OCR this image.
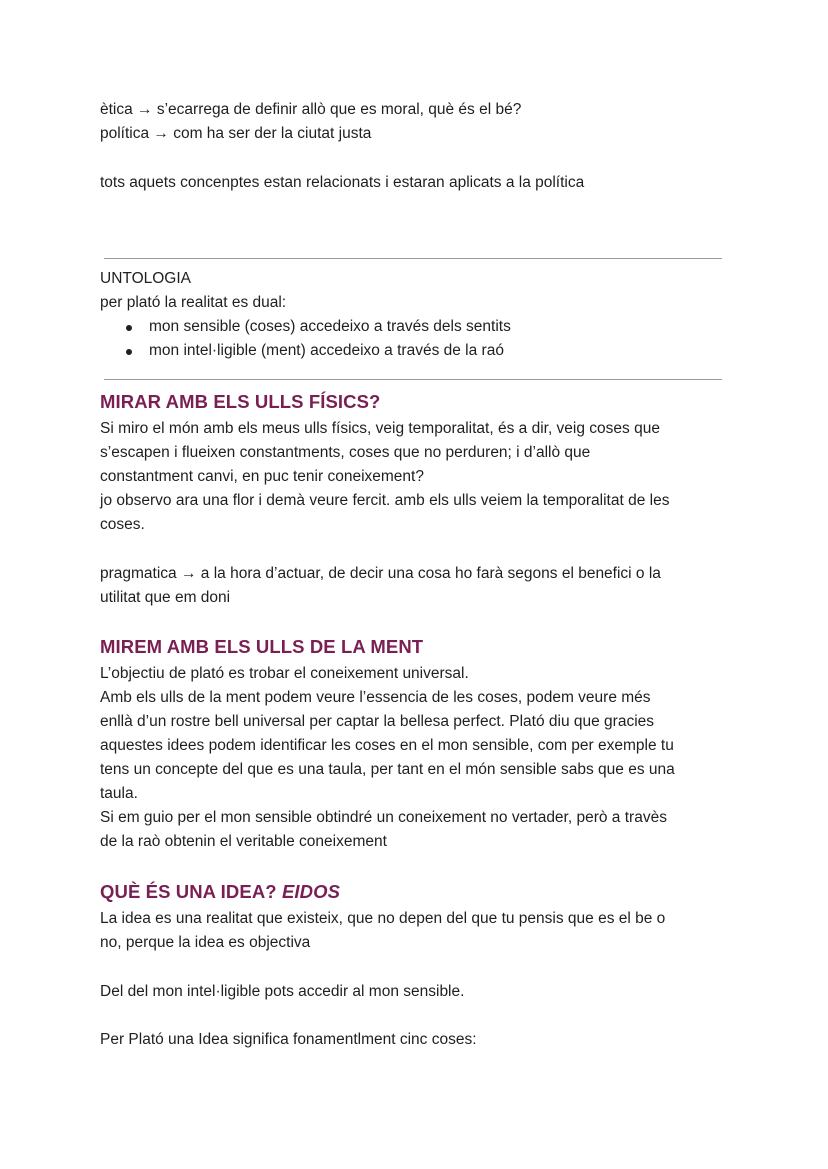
ètica → s’ecarrega de definir allò que es moral, què és el bé?
política → com ha ser der la ciutat justa
tots aquets concenptes estan relacionats i estaran aplicats a la política
UNTOLOGIA
per plató la realitat es dual:
mon sensible (coses) accedeixo a través dels sentits
mon intel·ligible (ment) accedeixo a través de la raó
MIRAR AMB ELS ULLS FÍSICS?
Si miro el món amb els meus ulls físics, veig temporalitat, és a dir, veig coses que
s’escapen i flueixen constantments, coses que no perduren; i d’allò que
constantment canvi, en puc tenir coneixement?
jo observo ara una flor i demà veure fercit. amb els ulls veiem la temporalitat de les
coses.
pragmatica → a la hora d’actuar, de decir una cosa ho farà segons el benefici o la
utilitat que em doni
MIREM AMB ELS ULLS DE LA MENT
L’objectiu de plató es trobar el coneixement universal.
Amb els ulls de la ment podem veure l’essencia de les coses, podem veure més
enllà d’un rostre bell universal per captar la bellesa perfect. Plató diu que gracies
aquestes idees podem identificar les coses en el mon sensible, com per exemple tu
tens un concepte del que es una taula, per tant en el món sensible sabs que es una
taula.
Si em guio per el mon sensible obtindré un coneixement no vertader, però a travès
de la raò obtenin el veritable coneixement
QUÈ ÉS UNA IDEA? EIDOS
La idea es una realitat que existeix, que no depen del que tu pensis que es el be o
no, perque la idea es objectiva
Del del mon intel·ligible pots accedir al mon sensible.
Per Plató una Idea significa fonamentlment cinc coses:
